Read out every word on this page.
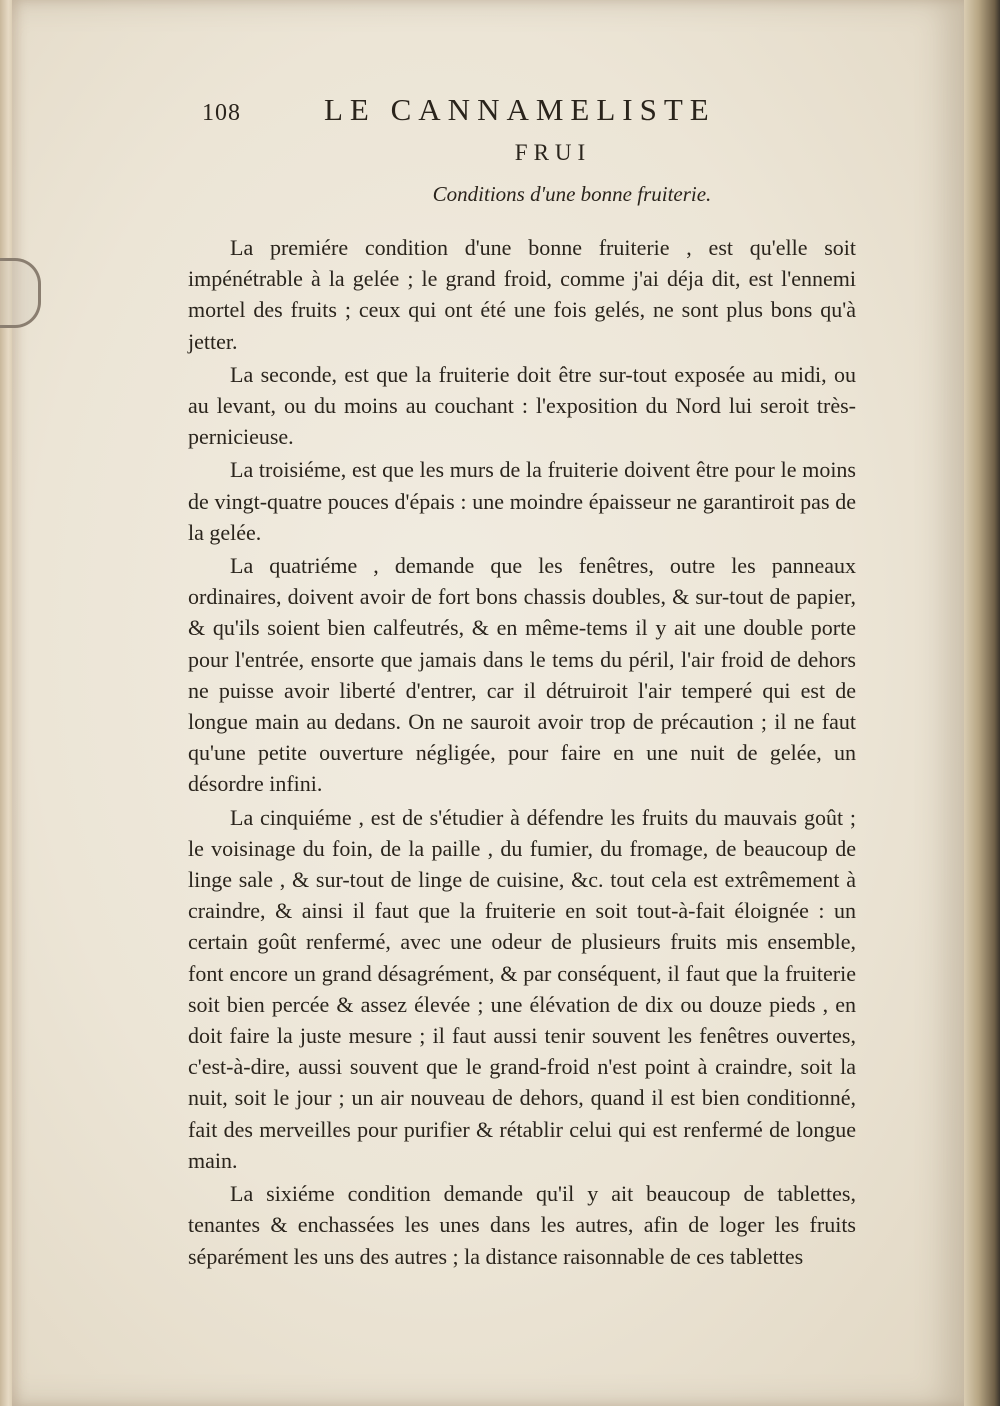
108	LE CANNAMELISTE
FRUI
Conditions d'une bonne fruiterie.

La premiére condition d'une bonne fruiterie , est qu'elle soit impénétrable à la gelée ; le grand froid, comme j'ai déja dit, est l'ennemi mortel des fruits ; ceux qui ont été une fois gelés, ne sont plus bons qu'à jetter.

La seconde, est que la fruiterie doit être sur-tout exposée au midi, ou au levant, ou du moins au couchant : l'exposition du Nord lui seroit très-pernicieuse.

La troisiéme, est que les murs de la fruiterie doivent être pour le moins de vingt-quatre pouces d'épais : une moindre épaisseur ne garantiroit pas de la gelée.

La quatriéme , demande que les fenêtres, outre les panneaux ordinaires, doivent avoir de fort bons chassis doubles, & sur-tout de papier, & qu'ils soient bien calfeutrés, & en même-tems il y ait une double porte pour l'entrée, ensorte que jamais dans le tems du péril, l'air froid de dehors ne puisse avoir liberté d'entrer, car il détruiroit l'air temperé qui est de longue main au dedans. On ne sauroit avoir trop de précaution ; il ne faut qu'une petite ouverture négligée, pour faire en une nuit de gelée, un désordre infini.

La cinquiéme , est de s'étudier à défendre les fruits du mauvais goût ; le voisinage du foin, de la paille , du fumier, du fromage, de beaucoup de linge sale , & sur-tout de linge de cuisine, &c. tout cela est extrêmement à craindre, & ainsi il faut que la fruiterie en soit tout-à-fait éloignée : un certain goût renfermé, avec une odeur de plusieurs fruits mis ensemble, font encore un grand désagrément, & par conséquent, il faut que la fruiterie soit bien percée & assez élevée ; une élévation de dix ou douze pieds , en doit faire la juste mesure ; il faut aussi tenir souvent les fenêtres ouvertes, c'est-à-dire, aussi souvent que le grand-froid n'est point à craindre, soit la nuit, soit le jour ; un air nouveau de dehors, quand il est bien conditionné, fait des merveilles pour purifier & rétablir celui qui est renfermé de longue main.

La sixiéme condition demande qu'il y ait beaucoup de tablettes, tenantes & enchassées les unes dans les autres, afin de loger les fruits séparément les uns des autres ; la distance raisonnable de ces tablettes
